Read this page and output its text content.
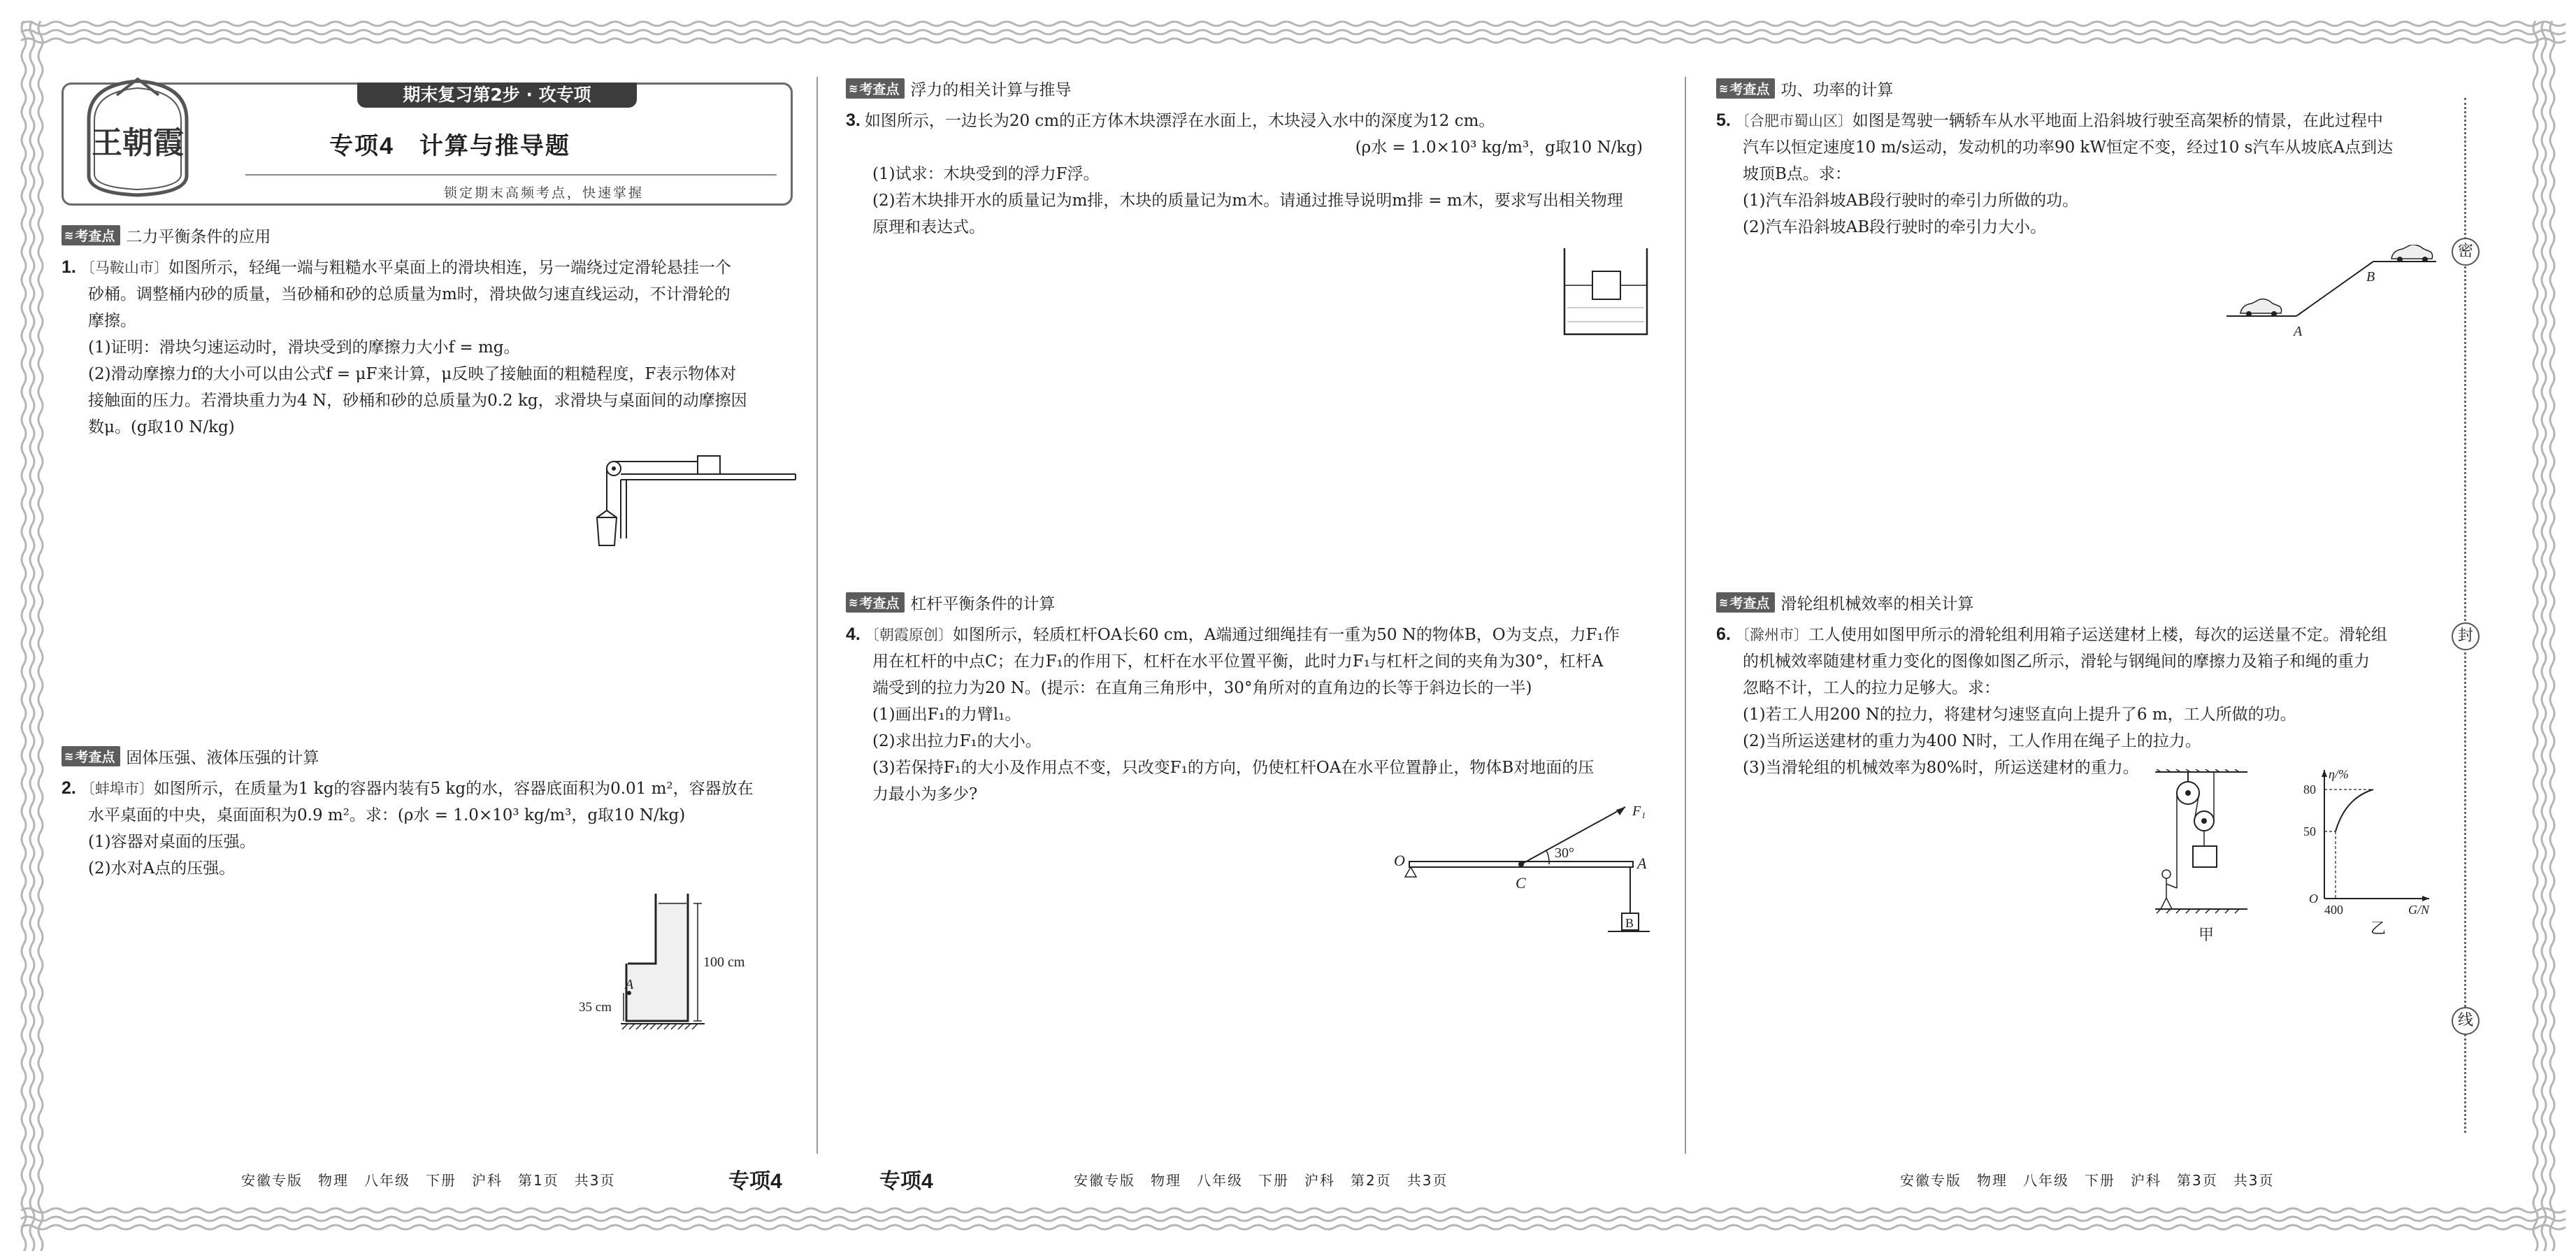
王朝霞
期末复习第2步 · 攻专项
专项4　计算与推导题
锁定期末高频考点，快速掌握
≋ 考查点 二力平衡条件的应用

1. 〔马鞍山市〕如图所示，轻绳一端与粗糙水平桌面上的滑块相连，另一端绕过定滑轮悬挂一个

砂桶。调整桶内砂的质量，当砂桶和砂的总质量为m时，滑块做匀速直线运动，不计滑轮的
摩擦。
(1)证明：滑块匀速运动时，滑块受到的摩擦力大小f = mg。
(2)滑动摩擦力f的大小可以由公式f = μF来计算，μ反映了接触面的粗糙程度，F表示物体对
接触面的压力。若滑块重力为4 N，砂桶和砂的总质量为0.2 kg，求滑块与桌面间的动摩擦因
数μ。(g取10 N/kg)
≋ 考查点 固体压强、液体压强的计算

2. 〔蚌埠市〕如图所示，在质量为1 kg的容器内装有5 kg的水，容器底面积为0.01 m²，容器放在

水平桌面的中央，桌面面积为0.9 m²。求：(ρ水 = 1.0×10³ kg/m³，g取10 N/kg)
(1)容器对桌面的压强。
(2)水对A点的压强。
100 cm
35 cm
A
≋ 考查点 浮力的相关计算与推导

3. 如图所示，一边长为20 cm的正方体木块漂浮在水面上，木块浸入水中的深度为12 cm。

(ρ水 = 1.0×10³ kg/m³，g取10 N/kg)
(1)试求：木块受到的浮力F浮。
(2)若木块排开水的质量记为m排，木块的质量记为m木。请通过推导说明m排 = m木，要求写出相关物理
原理和表达式。
≋ 考查点 杠杆平衡条件的计算

4. 〔朝霞原创〕如图所示，轻质杠杆OA长60 cm，A端通过细绳挂有一重为50 N的物体B，O为支点，力F₁作

用在杠杆的中点C；在力F₁的作用下，杠杆在水平位置平衡，此时力F₁与杠杆之间的夹角为30°，杠杆A
端受到的拉力为20 N。(提示：在直角三角形中，30°角所对的直角边的长等于斜边长的一半)
(1)画出F₁的力臂l₁。
(2)求出拉力F₁的大小。
(3)若保持F₁的大小及作用点不变，只改变F₁的方向，仍使杠杆OA在水平位置静止，物体B对地面的压
力最小为多少?
O
C
F₁
30°
A
B
≋ 考查点 功、功率的计算

5. 〔合肥市蜀山区〕如图是驾驶一辆轿车从水平地面上沿斜坡行驶至高架桥的情景，在此过程中

汽车以恒定速度10 m/s运动，发动机的功率90 kW恒定不变，经过10 s汽车从坡底A点到达
坡顶B点。求：
(1)汽车沿斜坡AB段行驶时的牵引力所做的功。
(2)汽车沿斜坡AB段行驶时的牵引力大小。
A
B
≋ 考查点 滑轮组机械效率的相关计算

6. 〔滁州市〕工人使用如图甲所示的滑轮组利用箱子运送建材上楼，每次的运送量不定。滑轮组

的机械效率随建材重力变化的图像如图乙所示，滑轮与钢绳间的摩擦力及箱子和绳的重力
忽略不计，工人的拉力足够大。求：
(1)若工人用200 N的拉力，将建材匀速竖直向上提升了6 m，工人所做的功。
(2)当所运送建材的重力为400 N时，工人作用在绳子上的拉力。
(3)当滑轮组的机械效率为80%时，所运送建材的重力。
甲
η/%
G/N
80
50
O
400
乙
密
封
线
安徽专版　物理　八年级　下册　沪科　第1页　共3页	专项4	专项4	安徽专版　物理　八年级　下册　沪科　第2页　共3页	安徽专版　物理　八年级　下册　沪科　第3页　共3页
